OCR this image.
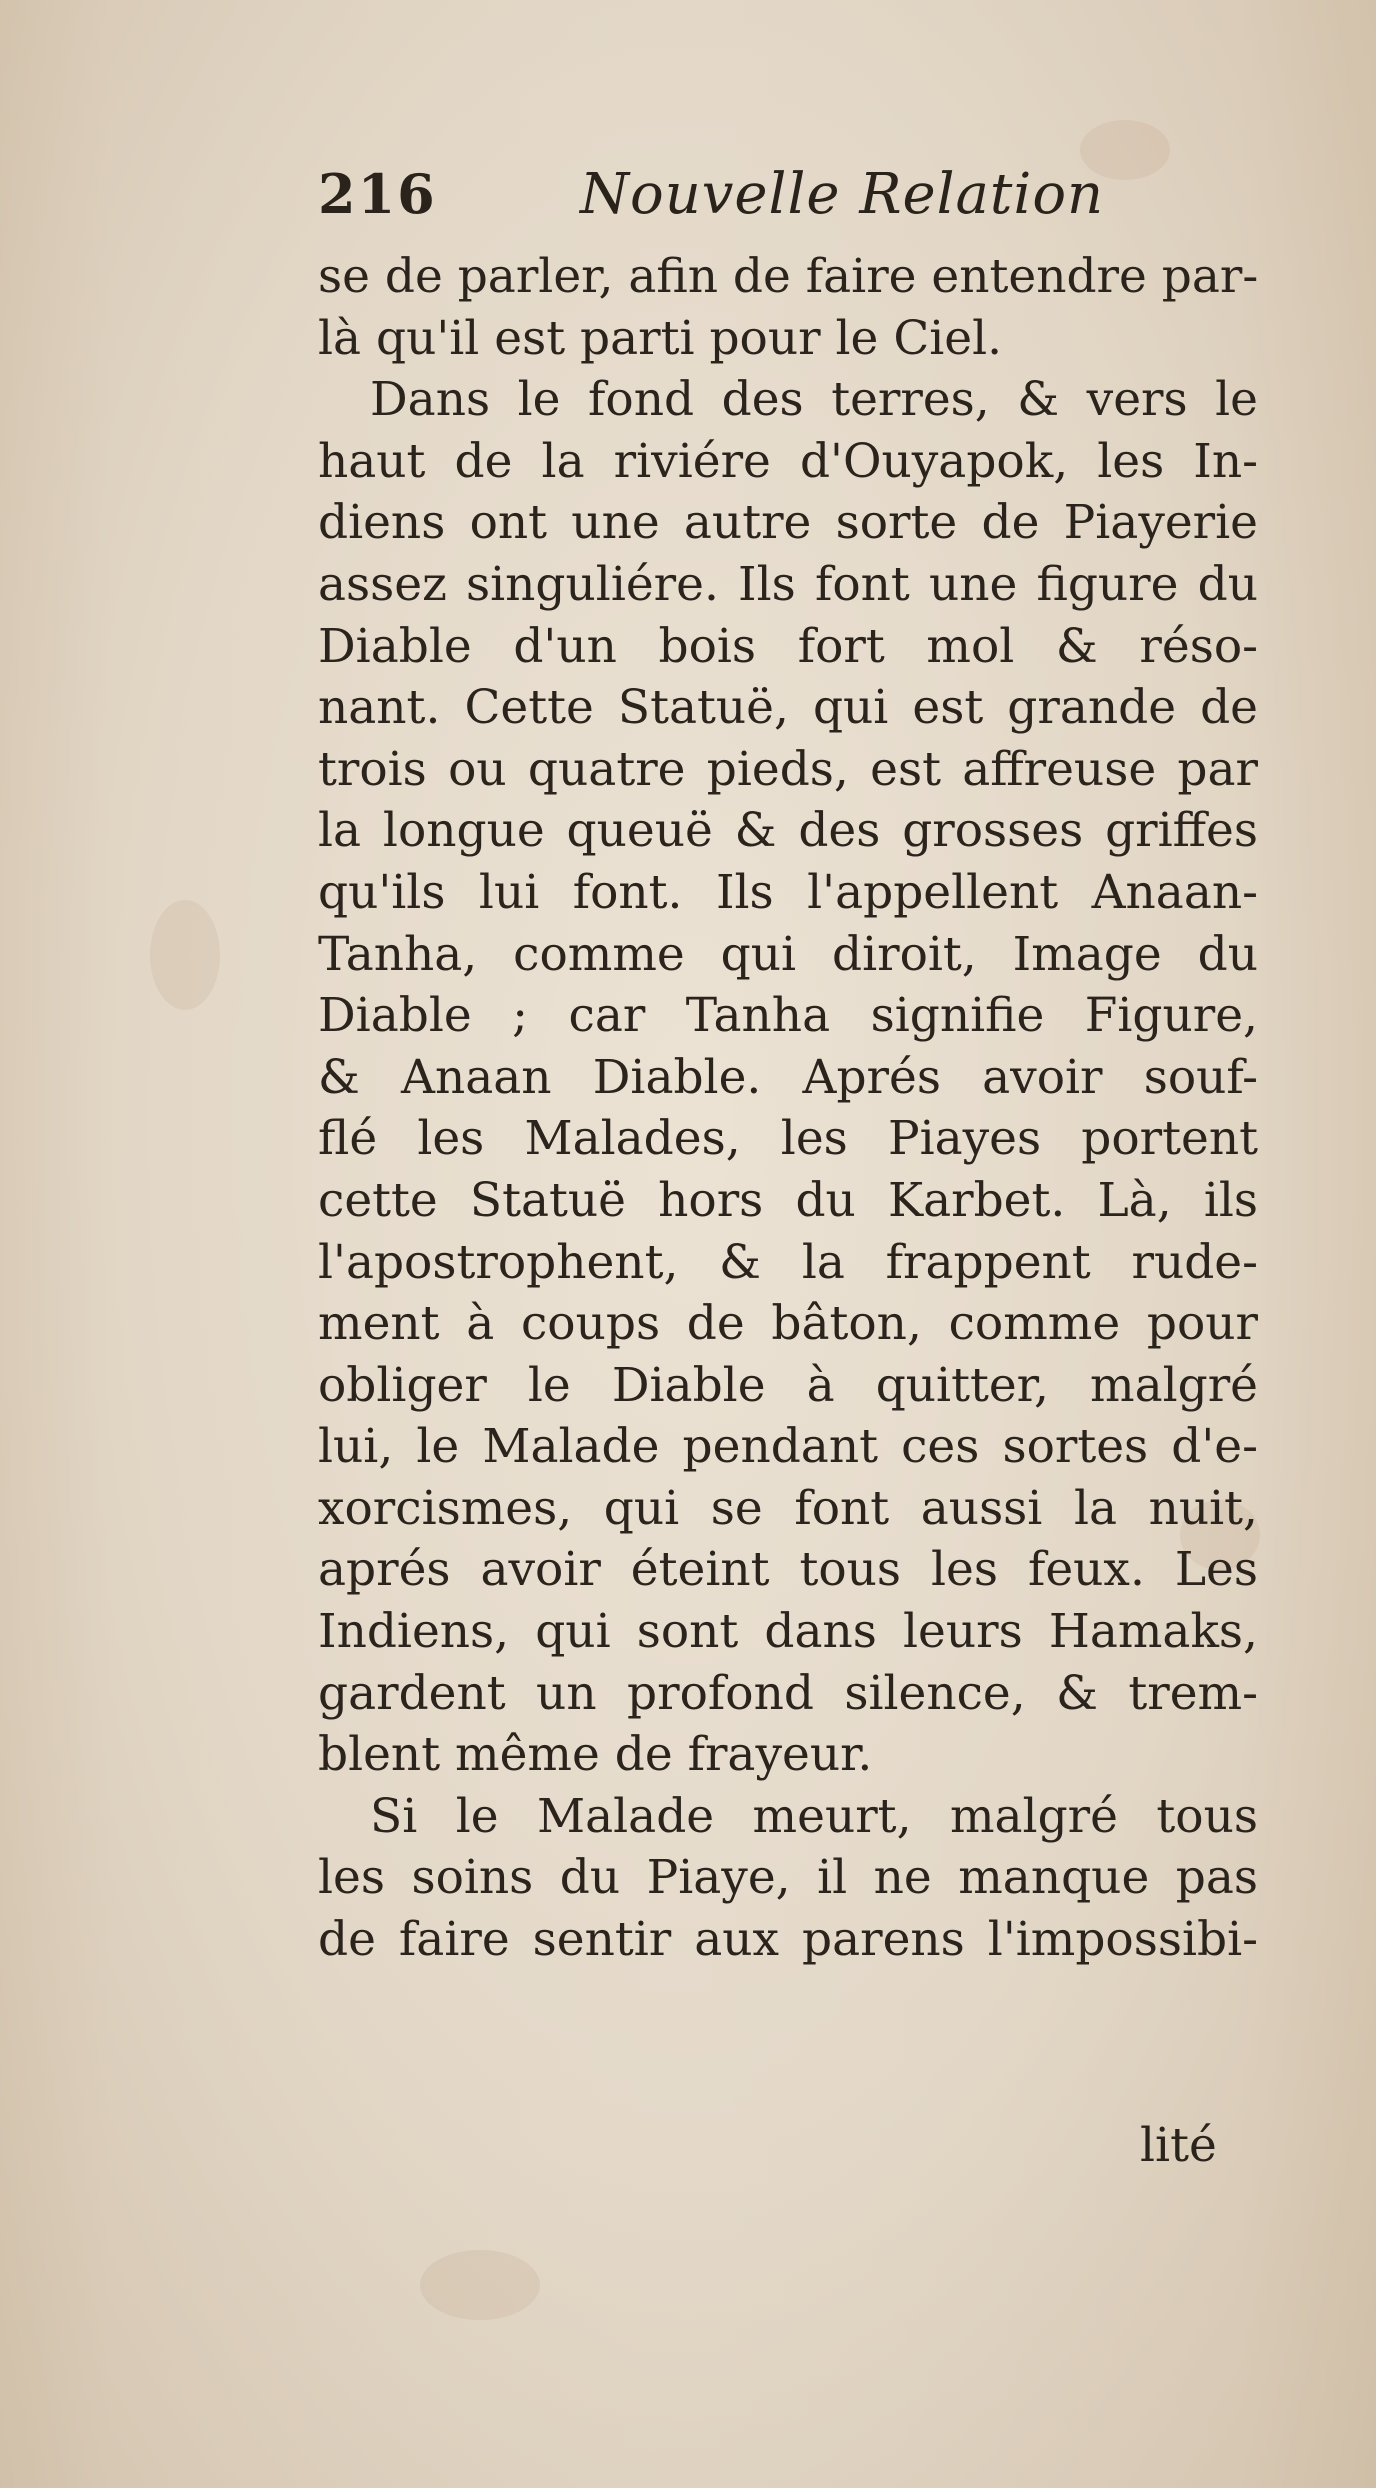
216	Nouvelle Relation
se de parler, afin de faire entendre par-
là qu'il est parti pour le Ciel.
Dans le fond des terres, & vers le
haut de la riviére d'Ouyapok, les In-
diens ont une autre sorte de Piayerie
assez singuliére. Ils font une figure du
Diable d'un bois fort mol & réso-
nant. Cette Statuë, qui est grande de
trois ou quatre pieds, est affreuse par
la longue queuë & des grosses griffes
qu'ils lui font. Ils l'appellent Anaan-
Tanha, comme qui diroit, Image du
Diable ; car Tanha signifie Figure,
& Anaan Diable. Aprés avoir souf-
flé les Malades, les Piayes portent
cette Statuë hors du Karbet. Là, ils
l'apostrophent, & la frappent rude-
ment à coups de bâton, comme pour
obliger le Diable à quitter, malgré
lui, le Malade pendant ces sortes d'e-
xorcismes, qui se font aussi la nuit,
aprés avoir éteint tous les feux. Les
Indiens, qui sont dans leurs Hamaks,
gardent un profond silence, & trem-
blent même de frayeur.
Si le Malade meurt, malgré tous
les soins du Piaye, il ne manque pas
de faire sentir aux parens l'impossibi-
lité
